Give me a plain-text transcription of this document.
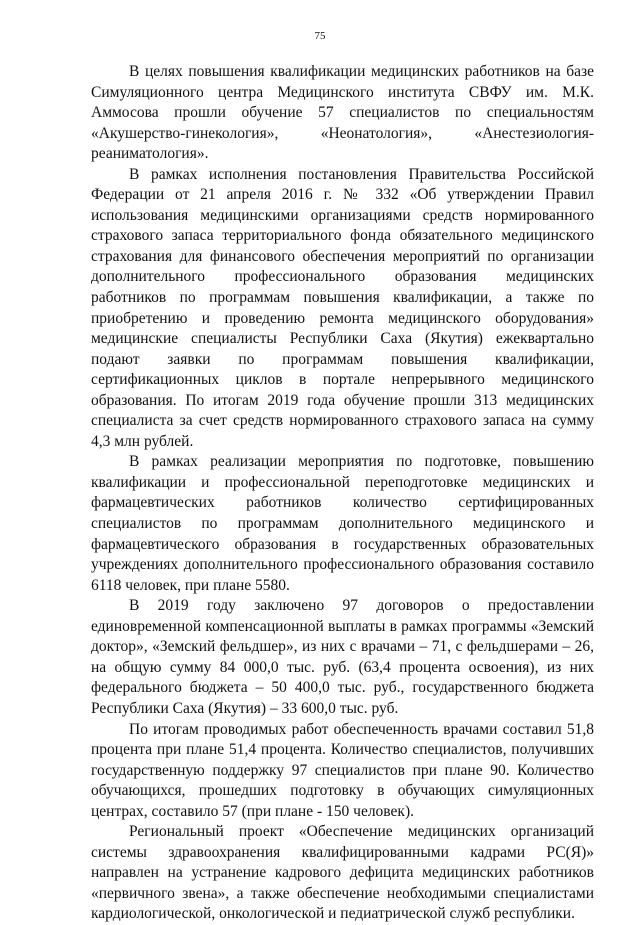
75

В целях повышения квалификации медицинских работников на базе Симуляционного центра Медицинского института СВФУ им. М.К. Аммосова прошли обучение 57 специалистов по специальностям «Акушерство-гинекология», «Неонатология», «Анестезиология-реаниматология».

В рамках исполнения постановления Правительства Российской Федерации от 21 апреля 2016 г. № 332 «Об утверждении Правил использования медицинскими организациями средств нормированного страхового запаса территориального фонда обязательного медицинского страхования для финансового обеспечения мероприятий по организации дополнительного профессионального образования медицинских работников по программам повышения квалификации, а также по приобретению и проведению ремонта медицинского оборудования» медицинские специалисты Республики Саха (Якутия) ежеквартально подают заявки по программам повышения квалификации, сертификационных циклов в портале непрерывного медицинского образования. По итогам 2019 года обучение прошли 313 медицинских специалиста за счет средств нормированного страхового запаса на сумму 4,3 млн рублей.

В рамках реализации мероприятия по подготовке, повышению квалификации и профессиональной переподготовке медицинских и фармацевтических работников количество сертифицированных специалистов по программам дополнительного медицинского и фармацевтического образования в государственных образовательных учреждениях дополнительного профессионального образования составило 6118 человек, при плане 5580.

В 2019 году заключено 97 договоров о предоставлении единовременной компенсационной выплаты в рамках программы «Земский доктор», «Земский фельдшер», из них с врачами – 71, с фельдшерами – 26, на общую сумму 84 000,0 тыс. руб. (63,4 процента освоения), из них федерального бюджета – 50 400,0 тыс. руб., государственного бюджета Республики Саха (Якутия) – 33 600,0 тыс. руб.

По итогам проводимых работ обеспеченность врачами составил 51,8 процента при плане 51,4 процента. Количество специалистов, получивших государственную поддержку 97 специалистов при плане 90. Количество обучающихся, прошедших подготовку в обучающих симуляционных центрах, составило 57 (при плане - 150 человек).

Региональный проект «Обеспечение медицинских организаций системы здравоохранения квалифицированными кадрами РС(Я)» направлен на устранение кадрового дефицита медицинских работников «первичного звена», а также обеспечение необходимыми специалистами кардиологической, онкологической и педиатрической служб республики.
